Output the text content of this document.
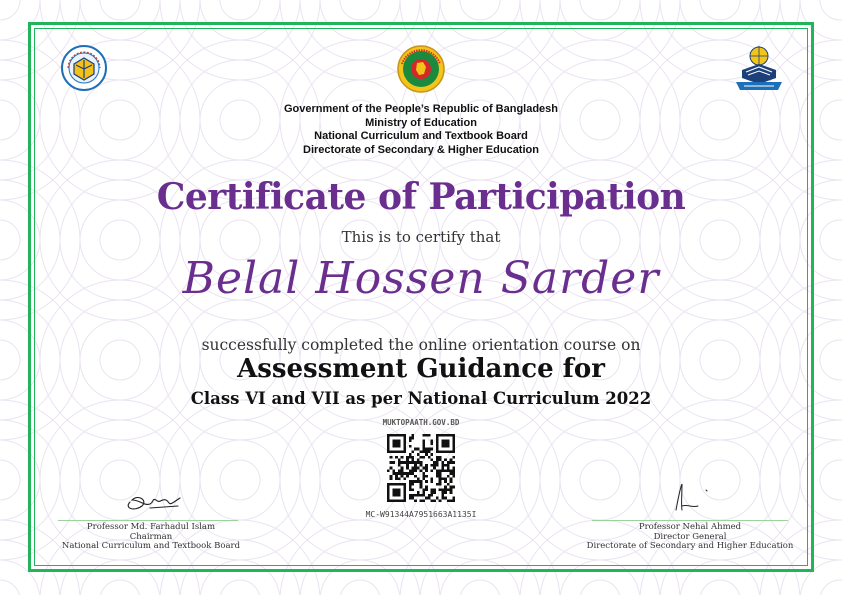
Government of the People’s Republic of Bangladesh
Ministry of Education
National Curriculum and Textbook Board
Directorate of Secondary & Higher Education
Certificate of Participation
This is to certify that
Belal Hossen Sarder
successfully completed the online orientation course on
Assessment Guidance for
Class VI and VII as per National Curriculum 2022
MUKTOPAATH.GOV.BD
MC-W91344A7951663A1135I
Professor Md. Farhadul Islam
Chairman
National Curriculum and Textbook Board
Professor Nehal Ahmed
Director General
Directorate of Secondary and Higher Education
